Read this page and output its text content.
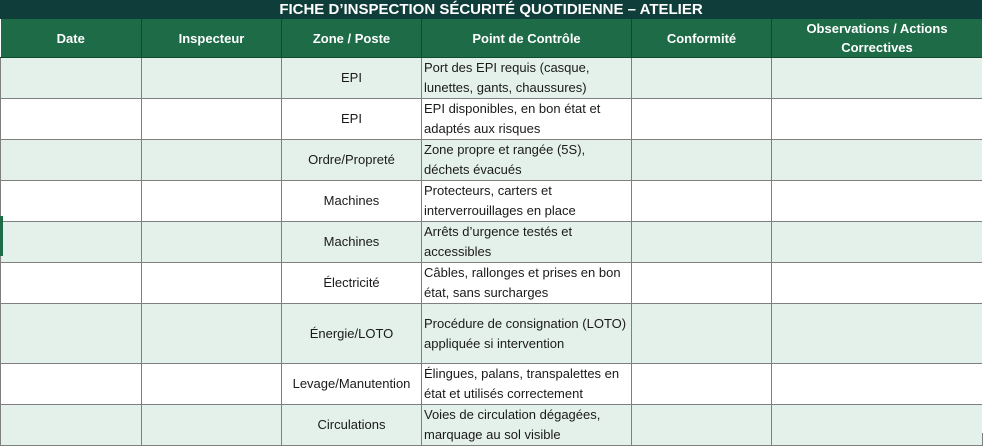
FICHE D’INSPECTION SÉCURITÉ QUOTIDIENNE – ATELIER
Date	Inspecteur	Zone / Poste	Point de Contrôle	Conformité	Observations / Actions Correctives
		EPI	Port des EPI requis (casque, lunettes, gants, chaussures)		
		EPI	EPI disponibles, en bon état et adaptés aux risques		
		Ordre/Propreté	Zone propre et rangée (5S), déchets évacués		
		Machines	Protecteurs, carters et interverrouillages en place		
		Machines	Arrêts d’urgence testés et accessibles		
		Électricité	Câbles, rallonges et prises en bon état, sans surcharges		
		Énergie/LOTO	Procédure de consignation (LOTO) appliquée si intervention		
		Levage/Manutention	Élingues, palans, transpalettes en état et utilisés correctement		
		Circulations	Voies de circulation dégagées, marquage au sol visible		
